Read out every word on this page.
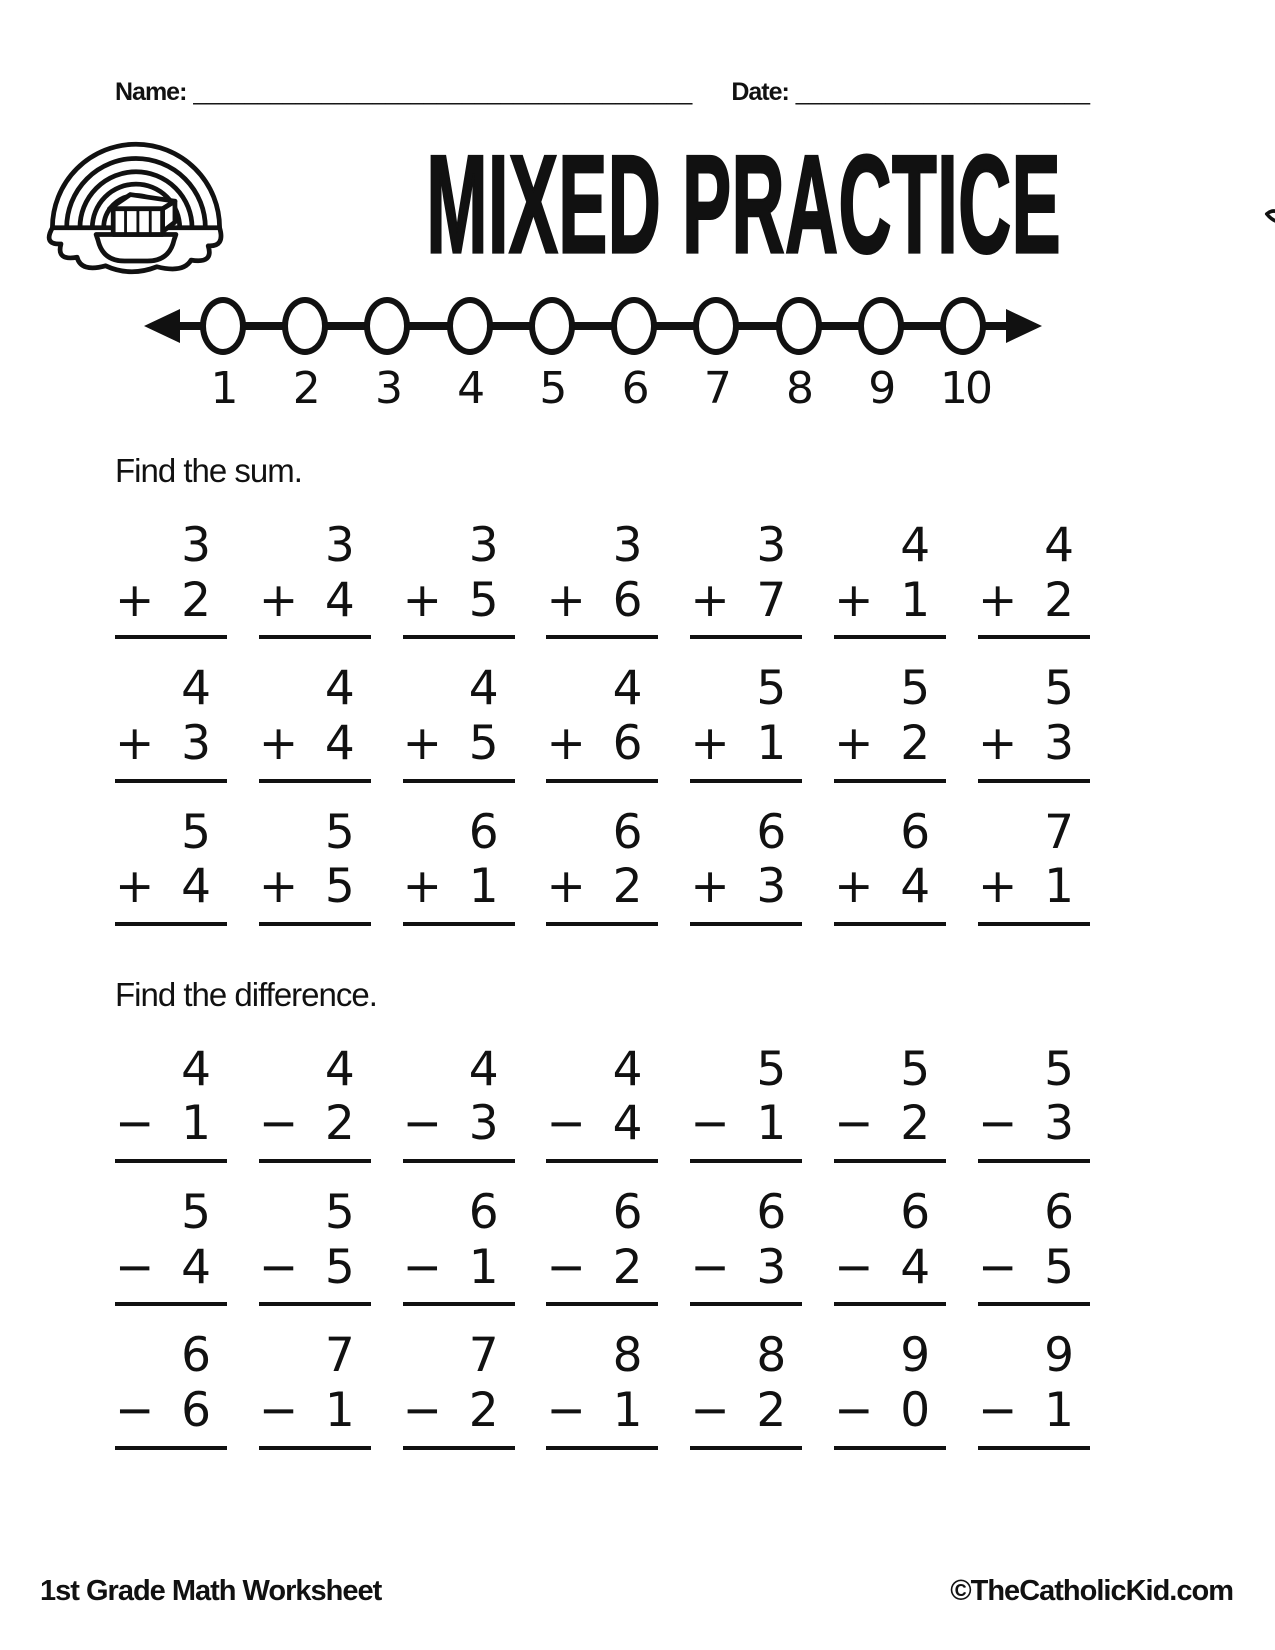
Name: _______________________________________ Date: _______________________
MIXED PRACTICE
1 2 3 4 5 6 7 8 9 10
Find the sum.
3
+ 2
3
+ 4
3
+ 5
3
+ 6
3
+ 7
4
+ 1
4
+ 2
4
+ 3
4
+ 4
4
+ 5
4
+ 6
5
+ 1
5
+ 2
5
+ 3
5
+ 4
5
+ 5
6
+ 1
6
+ 2
6
+ 3
6
+ 4
7
+ 1
Find the difference.
4
− 1
4
− 2
4
− 3
4
− 4
5
− 1
5
− 2
5
− 3
5
− 4
5
− 5
6
− 1
6
− 2
6
− 3
6
− 4
6
− 5
6
− 6
7
− 1
7
− 2
8
− 1
8
− 2
9
− 0
9
− 1
1st Grade Math Worksheet	©TheCatholicKid.com
